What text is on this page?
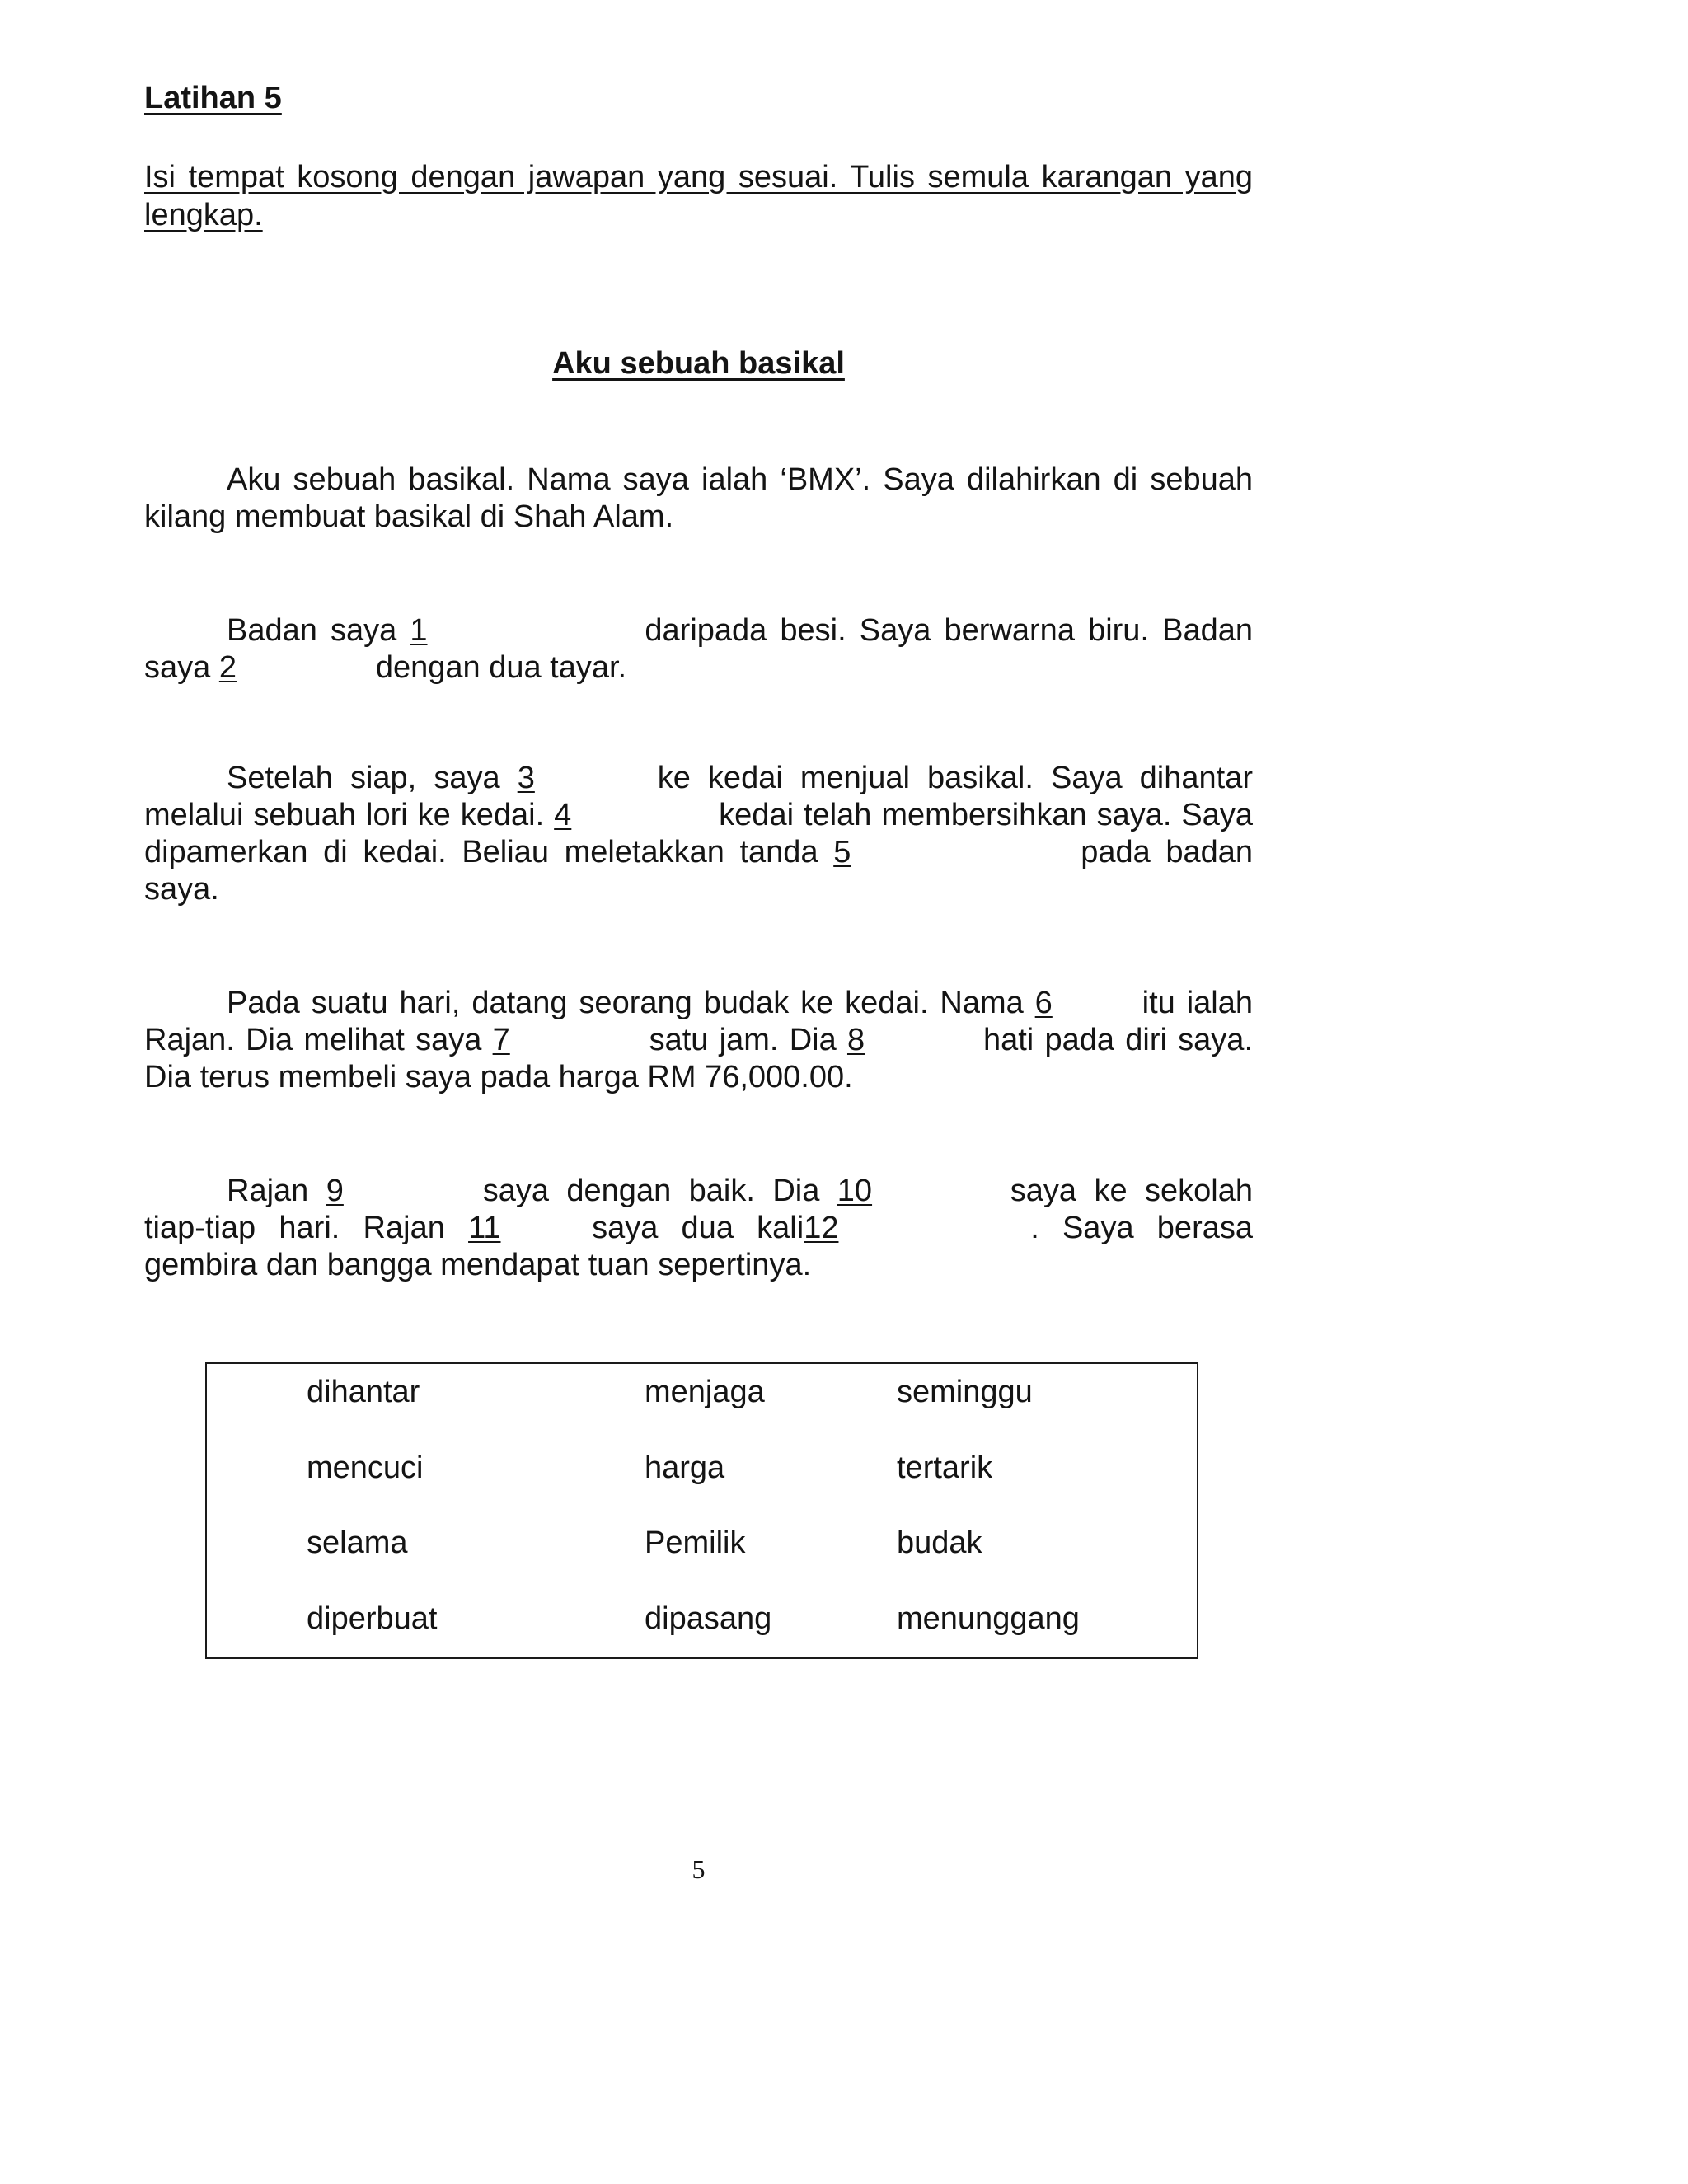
Latihan 5
Isi tempat kosong dengan jawapan yang sesuai. Tulis semula karangan yang lengkap.
Aku sebuah basikal

Aku sebuah basikal. Nama saya ialah ‘BMX’. Saya dilahirkan di sebuah kilang membuat basikal di Shah Alam.

Badan saya 1	daripada besi. Saya berwarna biru. Badan saya 2	dengan dua tayar.

Setelah siap, saya 3	ke kedai menjual basikal. Saya dihantar melalui sebuah lori ke kedai. 4	kedai telah membersihkan saya. Saya dipamerkan di kedai. Beliau meletakkan tanda 5	pada badan saya.

Pada suatu hari, datang seorang budak ke kedai. Nama 6	itu ialah Rajan. Dia melihat saya 7	satu jam. Dia 8	hati pada diri saya. Dia terus membeli saya pada harga RM 76,000.00.

Rajan 9	saya dengan baik. Dia 10	saya ke sekolah tiap-tiap hari. Rajan 11	saya dua kali12	. Saya berasa gembira dan bangga mendapat tuan sepertinya.

dihantar	menjaga	seminggu
mencuci	harga	tertarik
selama	Pemilik	budak
diperbuat	dipasang	menunggang
5
